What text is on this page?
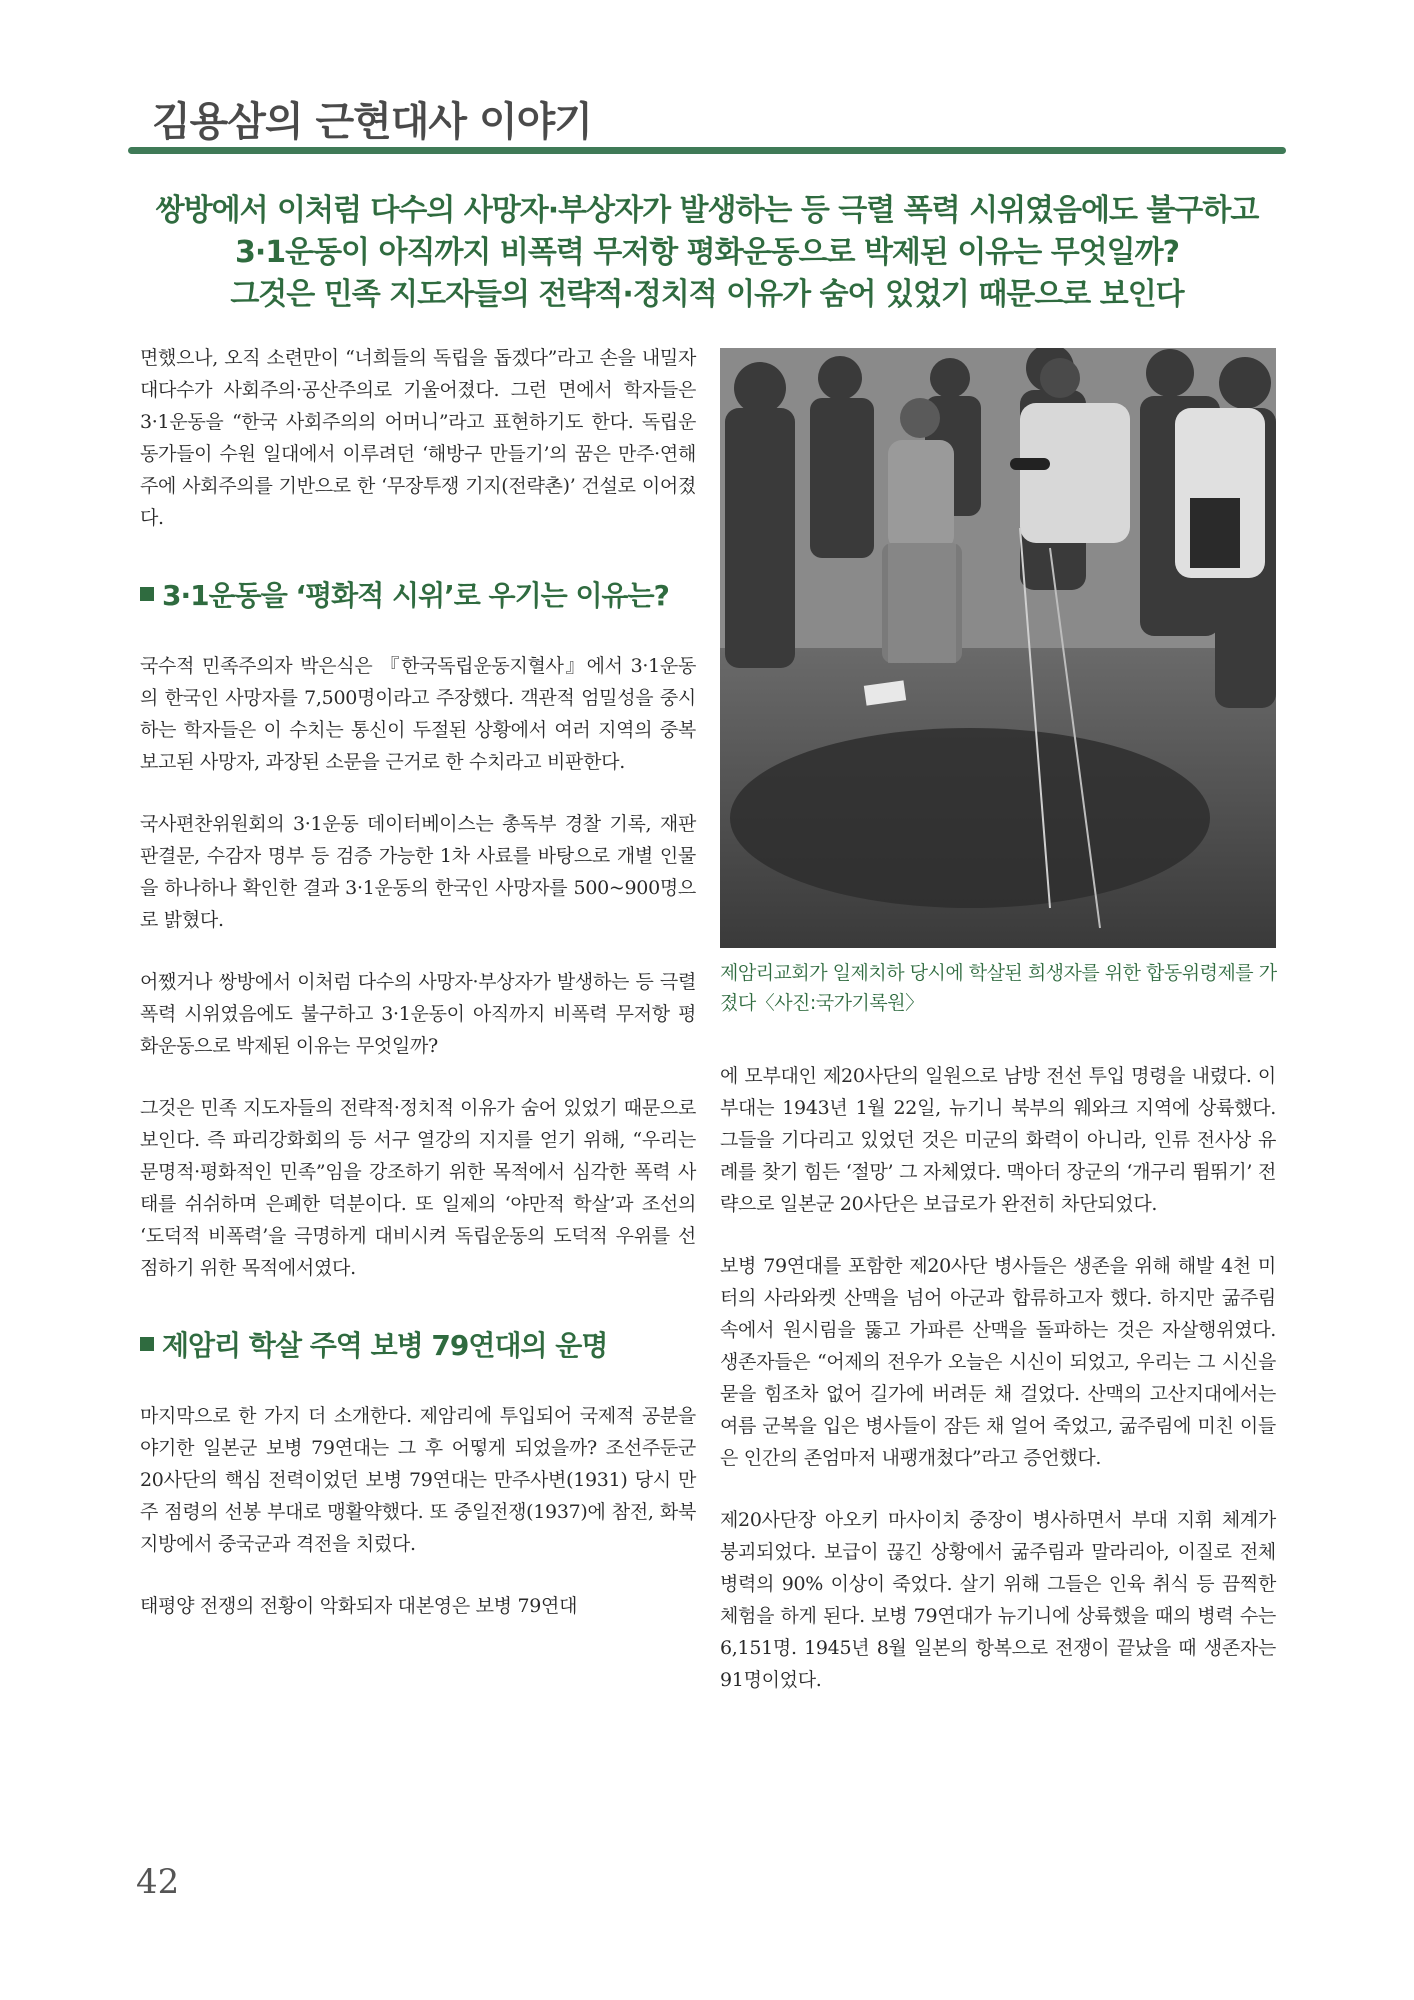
김용삼의 근현대사 이야기
쌍방에서 이처럼 다수의 사망자·부상자가 발생하는 등 극렬 폭력 시위였음에도 불구하고
3·1운동이 아직까지 비폭력 무저항 평화운동으로 박제된 이유는 무엇일까?
그것은 민족 지도자들의 전략적·정치적 이유가 숨어 있었기 때문으로 보인다

면했으나, 오직 소련만이 “너희들의 독립을 돕겠다”라고 손을 내밀자 대다수가 사회주의·공산주의로 기울어졌다. 그런 면에서 학자들은 3·1운동을 “한국 사회주의의 어머니”라고 표현하기도 한다. 독립운동가들이 수원 일대에서 이루려던 ‘해방구 만들기’의 꿈은 만주·연해주에 사회주의를 기반으로 한 ‘무장투쟁 기지(전략촌)’ 건설로 이어졌다.

3·1운동을 ‘평화적 시위’로 우기는 이유는?

국수적 민족주의자 박은식은 『한국독립운동지혈사』에서 3·1운동의 한국인 사망자를 7,500명이라고 주장했다. 객관적 엄밀성을 중시하는 학자들은 이 수치는 통신이 두절된 상황에서 여러 지역의 중복 보고된 사망자, 과장된 소문을 근거로 한 수치라고 비판한다.

국사편찬위원회의 3·1운동 데이터베이스는 총독부 경찰 기록, 재판 판결문, 수감자 명부 등 검증 가능한 1차 사료를 바탕으로 개별 인물을 하나하나 확인한 결과 3·1운동의 한국인 사망자를 500~900명으로 밝혔다.

어쨌거나 쌍방에서 이처럼 다수의 사망자·부상자가 발생하는 등 극렬 폭력 시위였음에도 불구하고 3·1운동이 아직까지 비폭력 무저항 평화운동으로 박제된 이유는 무엇일까?

그것은 민족 지도자들의 전략적·정치적 이유가 숨어 있었기 때문으로 보인다. 즉 파리강화회의 등 서구 열강의 지지를 얻기 위해, “우리는 문명적·평화적인 민족”임을 강조하기 위한 목적에서 심각한 폭력 사태를 쉬쉬하며 은폐한 덕분이다. 또 일제의 ‘야만적 학살’과 조선의 ‘도덕적 비폭력’을 극명하게 대비시켜 독립운동의 도덕적 우위를 선점하기 위한 목적에서였다.

제암리 학살 주역 보병 79연대의 운명

마지막으로 한 가지 더 소개한다. 제암리에 투입되어 국제적 공분을 야기한 일본군 보병 79연대는 그 후 어떻게 되었을까? 조선주둔군 20사단의 핵심 전력이었던 보병 79연대는 만주사변(1931) 당시 만주 점령의 선봉 부대로 맹활약했다. 또 중일전쟁(1937)에 참전, 화북지방에서 중국군과 격전을 치렀다.

태평양 전쟁의 전황이 악화되자 대본영은 보병 79연대

제암리교회가 일제치하 당시에 학살된 희생자를 위한 합동위령제를 가졌다〈사진:국가기록원〉

에 모부대인 제20사단의 일원으로 남방 전선 투입 명령을 내렸다. 이 부대는 1943년 1월 22일, 뉴기니 북부의 웨와크 지역에 상륙했다. 그들을 기다리고 있었던 것은 미군의 화력이 아니라, 인류 전사상 유례를 찾기 힘든 ‘절망’ 그 자체였다. 맥아더 장군의 ‘개구리 뜀뛰기’ 전략으로 일본군 20사단은 보급로가 완전히 차단되었다.

보병 79연대를 포함한 제20사단 병사들은 생존을 위해 해발 4천 미터의 사라와켓 산맥을 넘어 아군과 합류하고자 했다. 하지만 굶주림 속에서 원시림을 뚫고 가파른 산맥을 돌파하는 것은 자살행위였다. 생존자들은 “어제의 전우가 오늘은 시신이 되었고, 우리는 그 시신을 묻을 힘조차 없어 길가에 버려둔 채 걸었다. 산맥의 고산지대에서는 여름 군복을 입은 병사들이 잠든 채 얼어 죽었고, 굶주림에 미친 이들은 인간의 존엄마저 내팽개쳤다”라고 증언했다.

제20사단장 아오키 마사이치 중장이 병사하면서 부대 지휘 체계가 붕괴되었다. 보급이 끊긴 상황에서 굶주림과 말라리아, 이질로 전체 병력의 90% 이상이 죽었다. 살기 위해 그들은 인육 취식 등 끔찍한 체험을 하게 된다. 보병 79연대가 뉴기니에 상륙했을 때의 병력 수는 6,151명. 1945년 8월 일본의 항복으로 전쟁이 끝났을 때 생존자는 91명이었다.

42
